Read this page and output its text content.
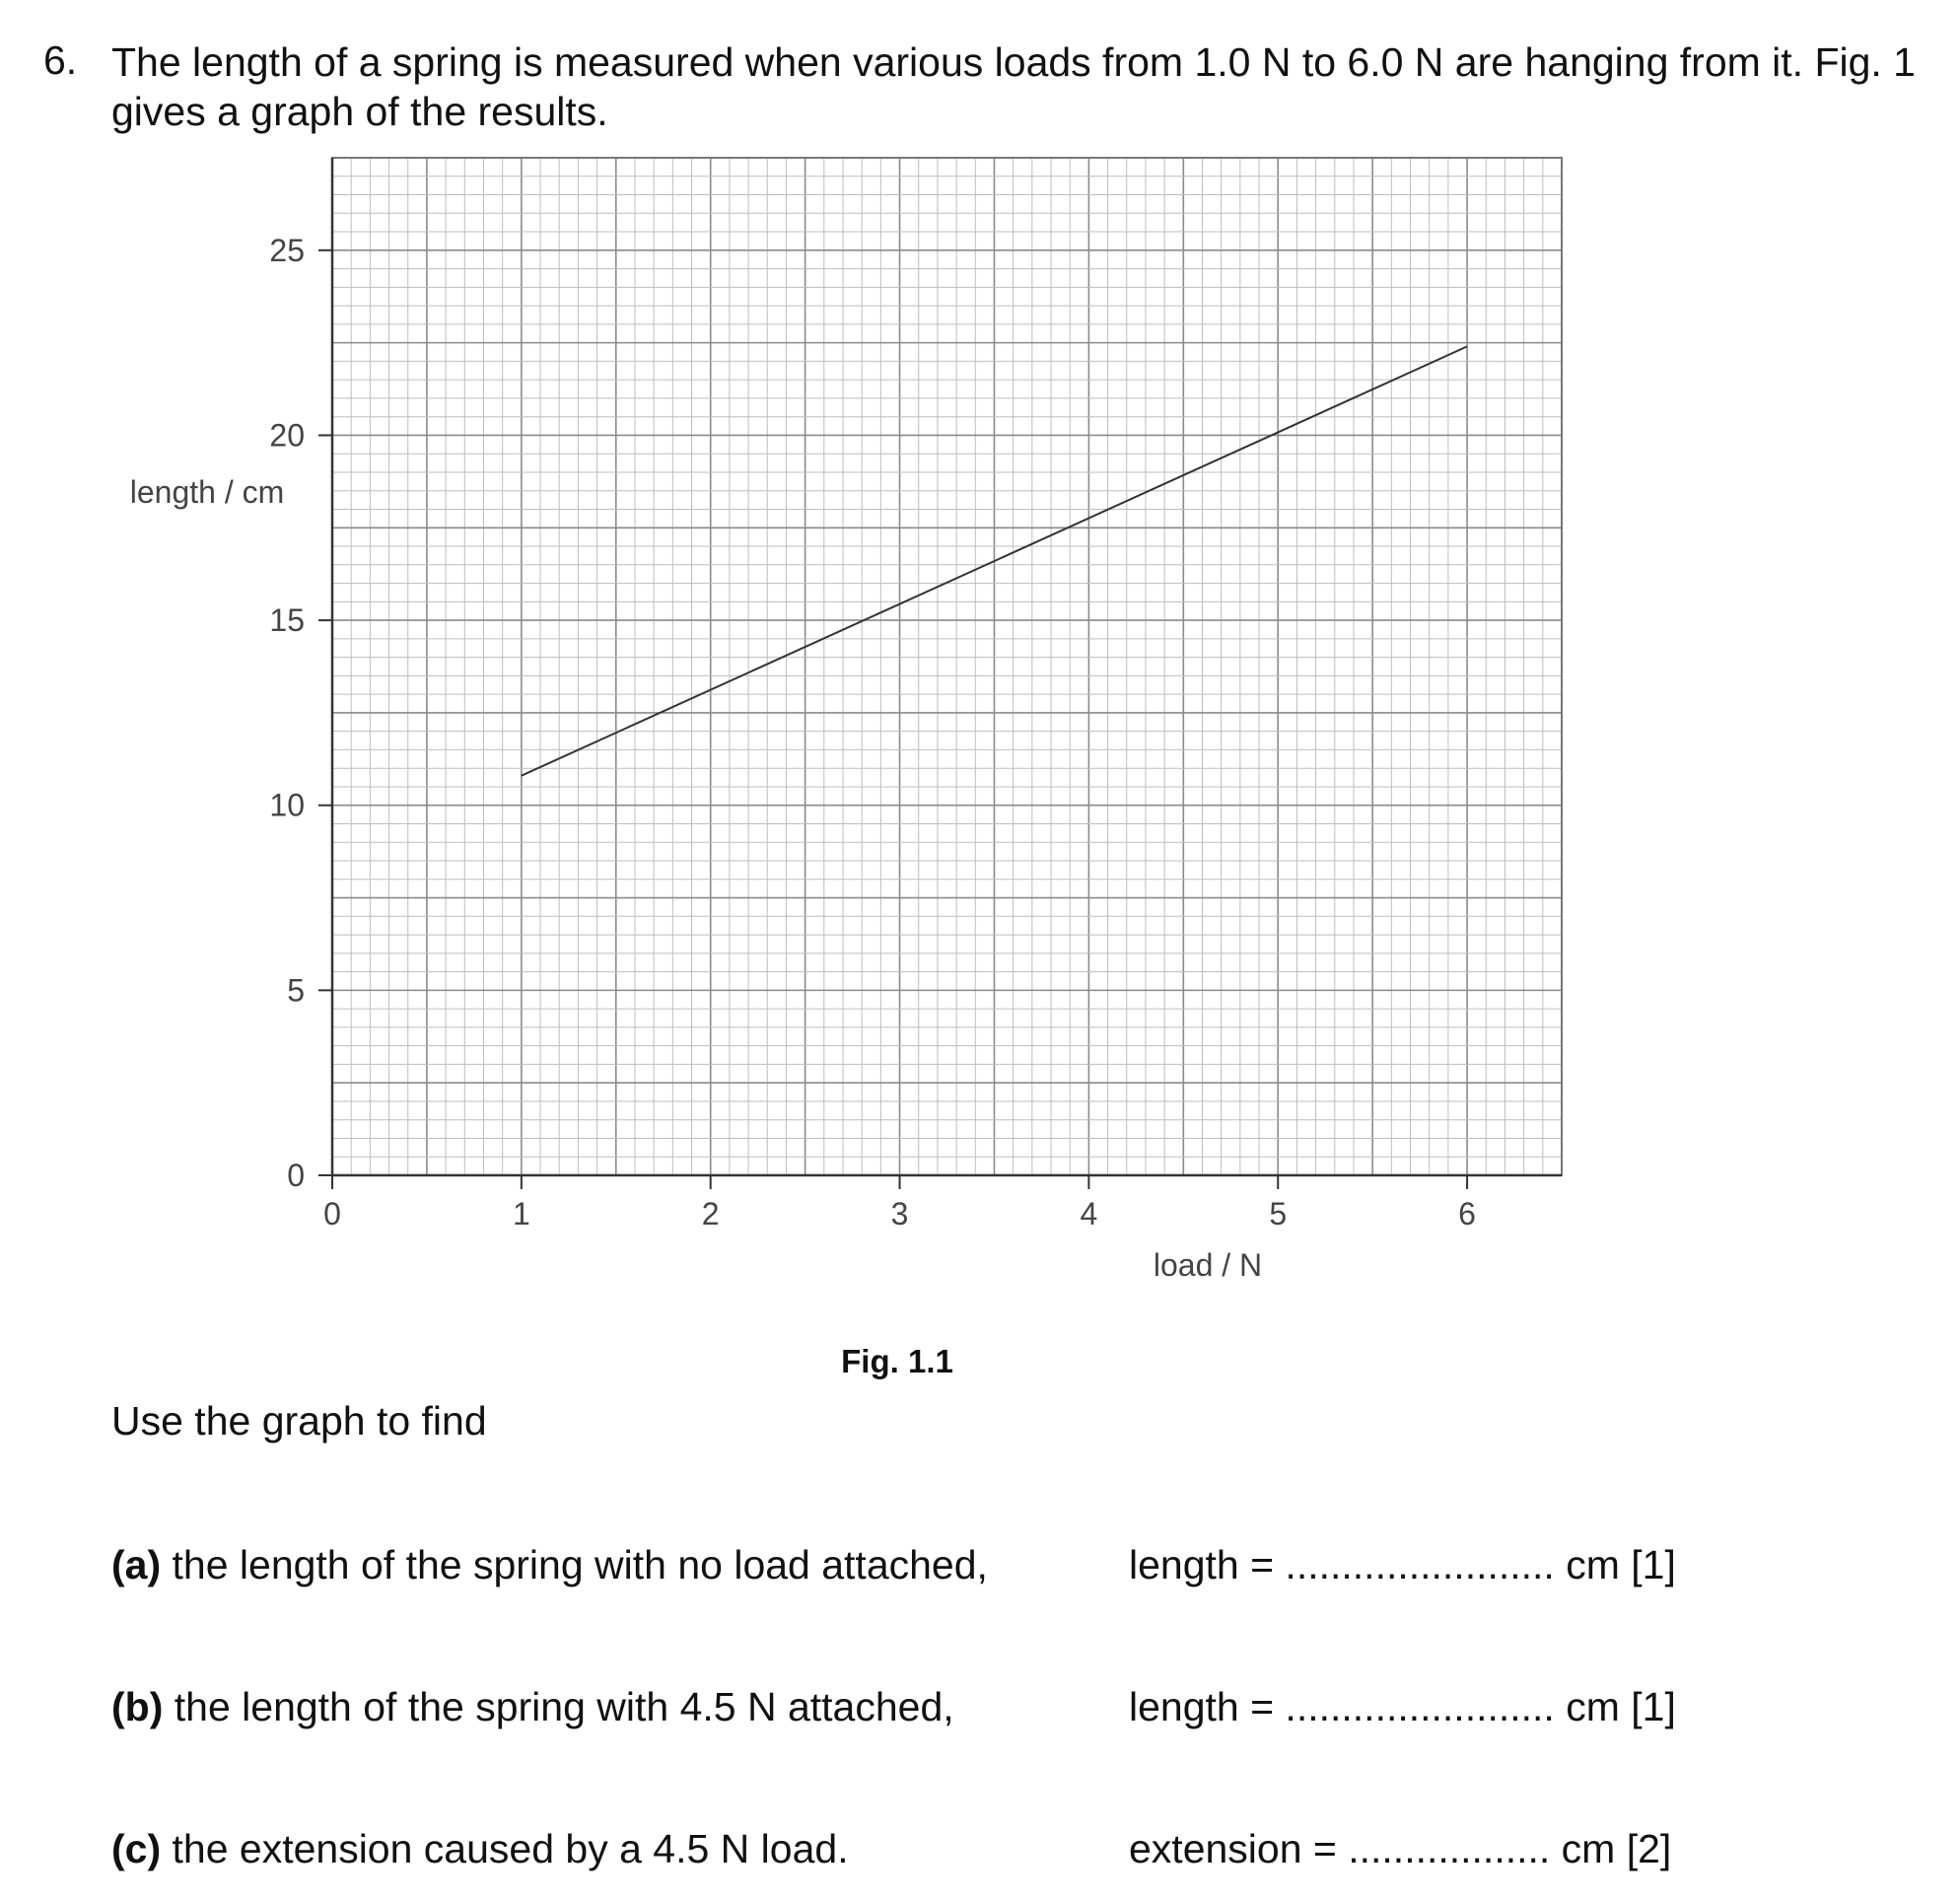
6. The length of a spring is measured when various loads from 1.0 N to 6.0 N are hanging from it. Fig. 1 gives a graph of the results.
0	1	2	3	4	5	6
0
5
10
15
20
25
load / N
length / cm
Fig. 1.1
Use the graph to find
(a) the length of the spring with no load attached,	length = ........................ cm [1]
(b) the length of the spring with 4.5 N attached,	length = ........................ cm [1]
(c) the extension caused by a 4.5 N load.	extension = .................. cm [2]
